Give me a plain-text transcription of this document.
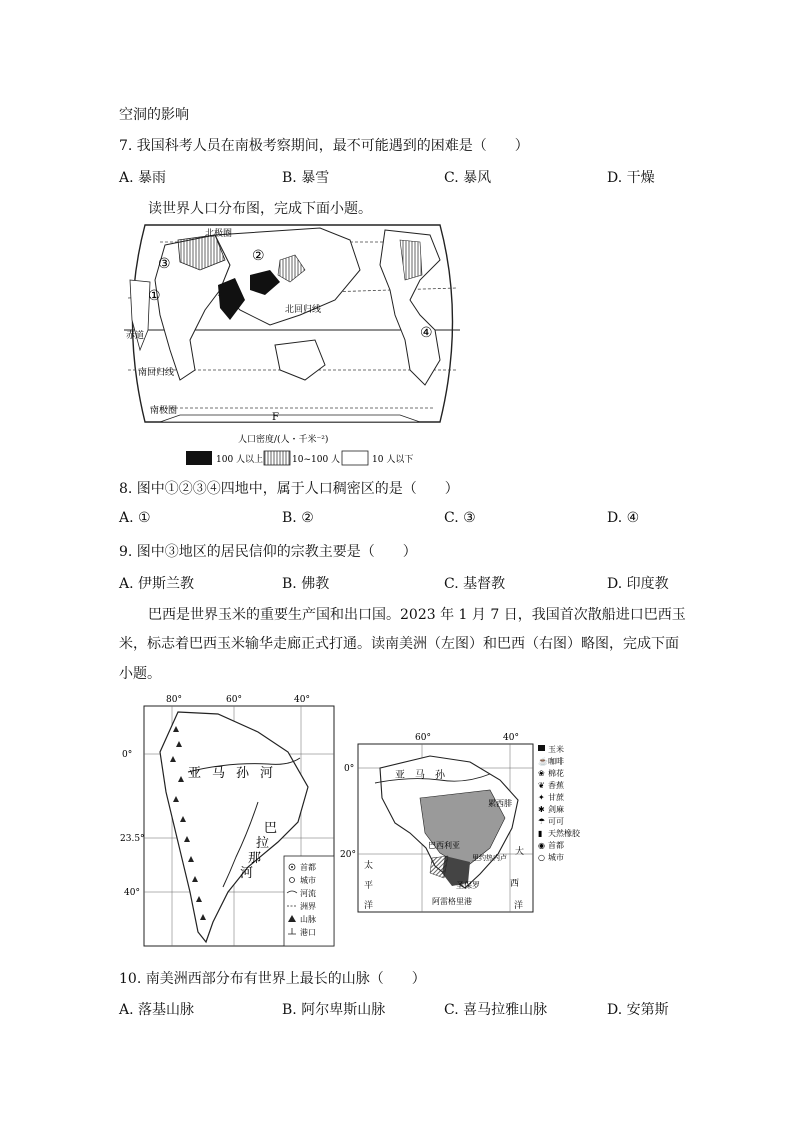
空洞的影响
7. 我国科考人员在南极考察期间，最不可能遇到的困难是（　　）
A. 暴雨	B. 暴雪	C. 暴风	D. 干燥
读世界人口分布图，完成下面小题。
北极圈
北回归线
赤道
南回归线
南极圈
F
①
②
③
④
人口密度/(人・千米⁻²)
100 人以上	10~100 人	10 人以下
8. 图中①②③④四地中，属于人口稠密区的是（　　）
A. ①	B. ②	C. ③	D. ④
9. 图中③地区的居民信仰的宗教主要是（　　）
A. 伊斯兰教	B. 佛教	C. 基督教	D. 印度教
巴西是世界玉米的重要生产国和出口国。2023 年 1 月 7 日，我国首次散船进口巴西玉
米，标志着巴西玉米输华走廊正式打通。读南美洲（左图）和巴西（右图）略图，完成下面
小题。
80°	60°	40°
0°
23.5°
40°
亚 马 孙 河
巴
拉
那
河	首都
城市
河流
洲界
山脉
港口
60°	40°
0°
20°
亚　马　孙
累西腓
巴西利亚
里约热内卢
圣保罗
阿雷格里港
太
平
洋
大
西
洋
玉米
☕ 咖啡
❀ 棉花
❦ 香蕉
✦ 甘蔗
✱ 剑麻
☂ 可可
▮ 天然橡胶
◉ 首都
○ 城市
10. 南美洲西部分布有世界上最长的山脉（　　）
A. 落基山脉	B. 阿尔卑斯山脉	C. 喜马拉雅山脉	D. 安第斯
